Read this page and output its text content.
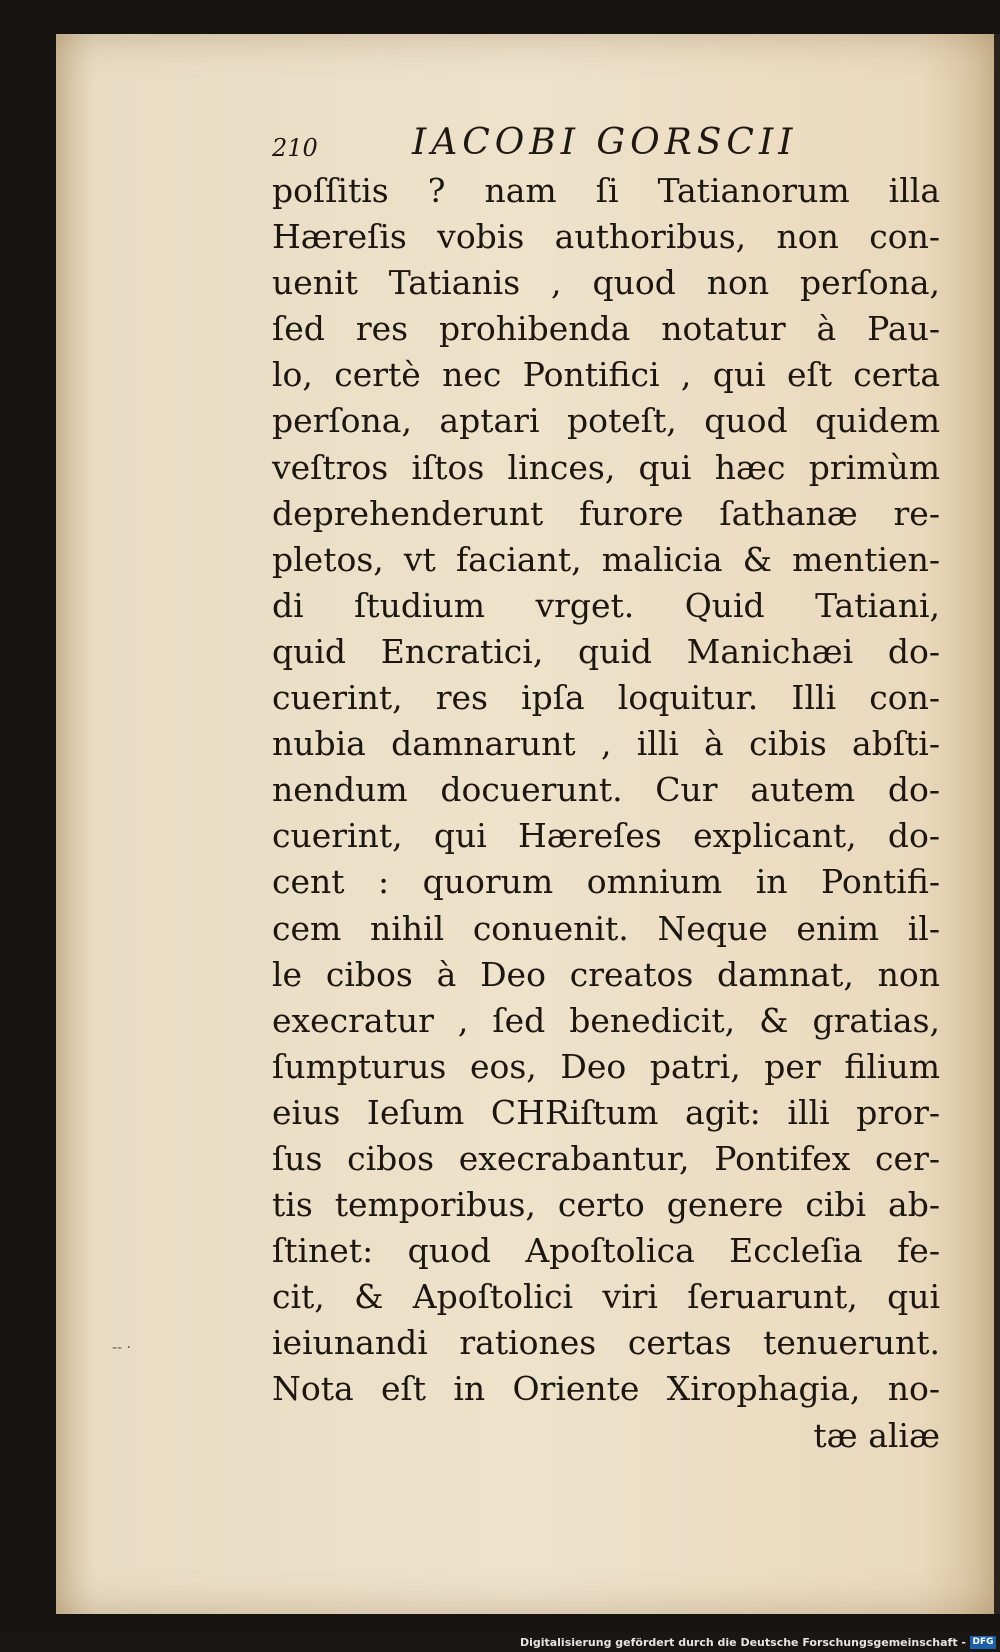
210	IACOBI GORSCII
poſſitis ? nam ſi Tatianorum illa
Hæreſis vobis authoribus, non con-
uenit Tatianis , quod non perſona,
ſed res prohibenda notatur à Pau-
lo, certè nec Pontifici , qui eſt certa
perſona, aptari poteſt, quod quidem
veſtros iſtos linces, qui hæc primùm
deprehenderunt furore ſathanæ re-
pletos, vt faciant, malicia & mentien-
di ſtudium vrget. Quid Tatiani,
quid Encratici, quid Manichæi do-
cuerint, res ipſa loquitur. Illi con-
nubia damnarunt , illi à cibis abſti-
nendum docuerunt. Cur autem do-
cuerint, qui Hæreſes explicant, do-
cent : quorum omnium in Pontifi-
cem nihil conuenit. Neque enim il-
le cibos à Deo creatos damnat, non
execratur , ſed benedicit, & gratias,
ſumpturus eos, Deo patri, per filium
eius Ieſum CHRiſtum agit: illi pror-
ſus cibos execrabantur, Pontifex cer-
tis temporibus, certo genere cibi ab-
ſtinet: quod Apoſtolica Eccleſia fe-
cit, & Apoſtolici viri ſeruarunt, qui
ieiunandi rationes certas tenuerunt.
Nota eſt in Oriente Xirophagia, no-
tæ aliæ
-- ·
Digitalisierung gefördert durch die Deutsche Forschungsgemeinschaft - DFG
